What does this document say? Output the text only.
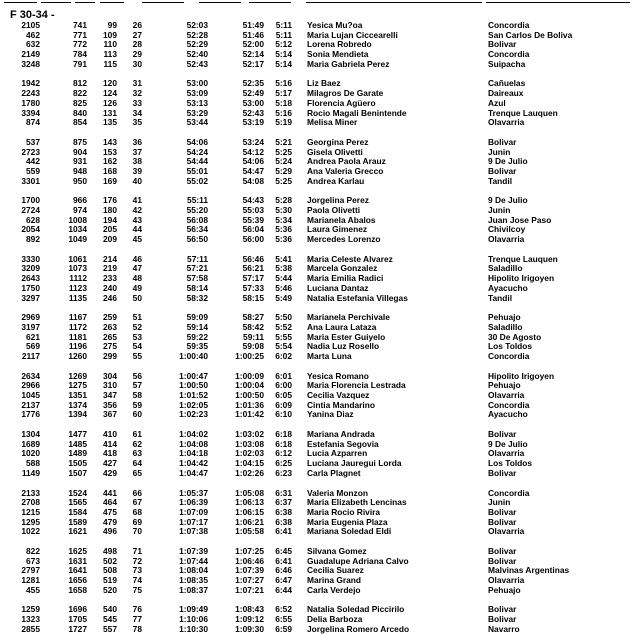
F 30-34 -
2105	741 99 26	52:03	51:49 5:11 Yesica Mu?oa	Concordia
462	771 109 27	52:28	51:46 5:11 Maria Lujan Ciccearelli	San Carlos De Boliva
632	772 110 28	52:29	52:00 5:12 Lorena Robredo	Bolivar
2149	784 113 29	52:40	52:14 5:14 Sonia Mendieta	Concordia
3248	791 115 30	52:43	52:17 5:14 Maria Gabriela Perez	Suipacha
1942	812 120 31	53:00	52:35 5:16 Liz Baez	Cañuelas
2243	822 124 32	53:09	52:49 5:17 Milagros De Garate	Daireaux
1780	825 126 33	53:13	53:00 5:18 Florencia Agüero	Azul
3394	840 131 34	53:29	52:43 5:16 Rocio Magali Benintende	Trenque Lauquen
874	854 135 35	53:44	53:19 5:19 Melisa Miner	Olavarria
537	875 143 36	54:06	53:24 5:21 Georgina Perez	Bolivar
2723	904 153 37	54:24	54:12 5:25 Gisela Olivetti	Junin
442	931 162 38	54:44	54:06 5:24 Andrea Paola Arauz	9 De Julio
559	948 168 39	55:01	54:47 5:29 Ana Valeria Grecco	Bolivar
3301	950 169 40	55:02	54:08 5:25 Andrea Karlau	Tandil
1700	966 176 41	55:11	54:43 5:28 Jorgelina Perez	9 De Julio
2724	974 180 42	55:20	55:03 5:30 Paola Olivetti	Junin
628	1008 194 43	56:08	55:39 5:34 Marianela Abalos	Juan Jose Paso
2054	1034 205 44	56:34	56:04 5:36 Laura Gimenez	Chivilcoy
892	1049 209 45	56:50	56:00 5:36 Mercedes Lorenzo	Olavarria
3330	1061 214 46	57:11	56:46 5:41 Maria Celeste Alvarez	Trenque Lauquen
3209	1073 219 47	57:21	56:21 5:38 Marcela Gonzalez	Saladillo
2643	1112 233 48	57:58	57:17 5:44 Maria Emilia Radici	Hipolito Irigoyen
1750	1123 240 49	58:14	57:33 5:46 Luciana Dantaz	Ayacucho
3297	1135 246 50	58:32	58:15 5:49 Natalia Estefania Villegas	Tandil
2969	1167 259 51	59:09	58:27 5:50 Marianela Perchivale	Pehuajo
3197	1172 263 52	59:14	58:42 5:52 Ana Laura Lataza	Saladillo
621	1181 265 53	59:22	59:11 5:55 Maria Ester Guiyelo	30 De Agosto
569	1196 275 54	59:35	59:08 5:54 Nadia Luz Rosello	Los Toldos
2117	1260 299 55	1:00:40	1:00:25 6:02 Marta Luna	Concordia
2634	1269 304 56	1:00:47	1:00:09 6:01 Yesica Romano	Hipolito Irigoyen
2966	1275 310 57	1:00:50	1:00:04 6:00 Maria Florencia Lestrada	Pehuajo
1045	1351 347 58	1:01:52	1:00:50 6:05 Cecilia Vazquez	Olavarria
2137	1374 356 59	1:02:05	1:01:36 6:09 Cintia Mandarino	Concordia
1776	1394 367 60	1:02:23	1:01:42 6:10 Yanina Diaz	Ayacucho
1304	1477 410 61	1:04:02	1:03:02 6:18 Mariana Andrada	Bolivar
1689	1485 414 62	1:04:08	1:03:08 6:18 Estefania Segovia	9 De Julio
1020	1489 418 63	1:04:18	1:02:03 6:12 Lucia Azparren	Olavarria
588	1505 427 64	1:04:42	1:04:15 6:25 Luciana Jauregui Lorda	Los Toldos
1149	1507 429 65	1:04:47	1:02:26 6:23 Carla Plagnet	Bolivar
2133	1524 441 66	1:05:37	1:05:08 6:31 Valeria Monzon	Concordia
2708	1565 464 67	1:06:39	1:06:13 6:37 Maria Elizabeth Lencinas	Junin
1215	1584 475 68	1:07:09	1:06:15 6:38 Maria Rocio Rivira	Bolivar
1295	1589 479 69	1:07:17	1:06:21 6:38 Maria Eugenia Plaza	Bolivar
1022	1621 496 70	1:07:38	1:05:58 6:41 Mariana Soledad Eldi	Olavarria
822	1625 498 71	1:07:39	1:07:25 6:45 Silvana Gomez	Bolivar
673	1631 502 72	1:07:44	1:06:46 6:41 Guadalupe Adriana Calvo	Bolivar
2797	1641 508 73	1:08:04	1:07:39 6:46 Cecilia Suarez	Malvinas Argentinas
1281	1656 519 74	1:08:35	1:07:27 6:47 Marina Grand	Olavarria
455	1658 520 75	1:08:37	1:07:21 6:44 Carla Verdejo	Pehuajo
1259	1696 540 76	1:09:49	1:08:43 6:52 Natalia Soledad Piccirilo	Bolivar
1323	1705 545 77	1:10:06	1:09:12 6:55 Delia Barboza	Bolivar
2855	1727 557 78	1:10:30	1:09:30 6:59 Jorgelina Romero Arcedo	Navarro
